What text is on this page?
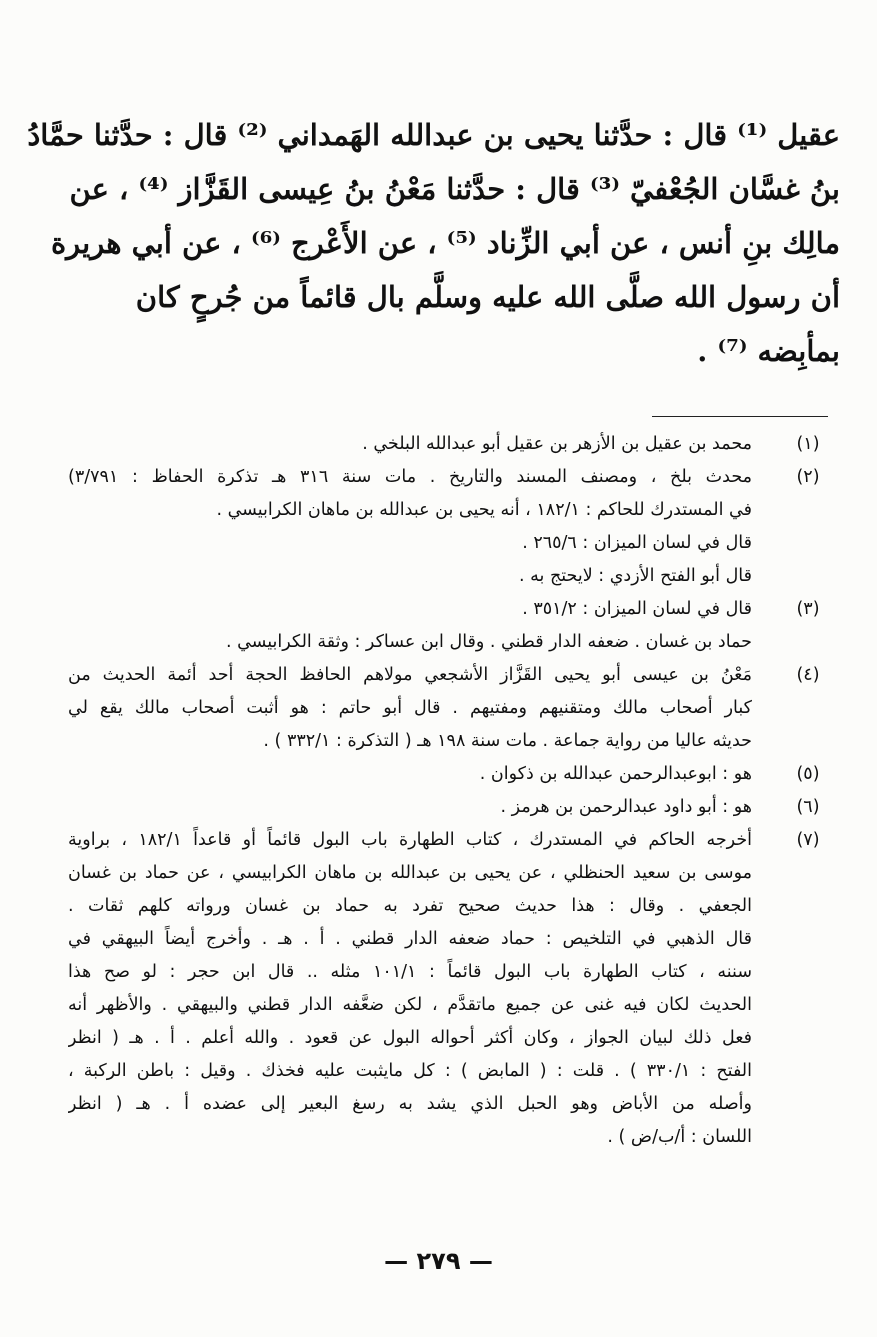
عقيل ⁽¹⁾ قال : حدَّثنا يحيى بن عبدالله الهَمداني ⁽²⁾ قال : حدَّثنا حمَّادُ
بنُ غسَّان الجُعْفيّ ⁽³⁾ قال : حدَّثنا مَعْنُ بنُ عِيسى القَزَّاز ⁽⁴⁾ ، عن
مالِك بنِ أنس ، عن أبي الزِّناد ⁽⁵⁾ ، عن الأَعْرج ⁽⁶⁾ ، عن أبي هريرة
أن رسول الله صلَّى الله عليه وسلَّم بال قائماً من جُرحٍ كان
بمأبِضه ⁽⁷⁾ .
(١)
محمد بن عقيل بن الأزهر بن عقيل أبو عبدالله البلخي .
(٢)
محدث بلخ ، ومصنف المسند والتاريخ . مات سنة ٣١٦ هـ تذكرة الحفاظ : ٣/٧٩١)
في المستدرك للحاكم : ١٨٢/١ ، أنه يحيى بن عبدالله بن ماهان الكرابيسي .
قال في لسان الميزان : ٢٦٥/٦ .
قال أبو الفتح الأزدي : لايحتج به .
(٣)
قال في لسان الميزان : ٣٥١/٢ .
حماد بن غسان . ضعفه الدار قطني . وقال ابن عساكر : وثقة الكرابيسي .
(٤)
مَعْنُ بن عيسى أبو يحيى القَزَّاز الأشجعي مولاهم الحافظ الحجة أحد أئمة الحديث من
كبار أصحاب مالك ومتقنيهم ومفتيهم . قال أبو حاتم : هو أثبت أصحاب مالك يقع لي
حديثه عاليا من رواية جماعة . مات سنة ١٩٨ هـ ( التذكرة : ٣٣٢/١ ) .
(٥)
هو : ابوعبدالرحمن عبدالله بن ذكوان .
(٦)
هو : أبو داود عبدالرحمن بن هرمز .
(٧)
أخرجه الحاكم في المستدرك ، كتاب الطهارة باب البول قائماً أو قاعداً ١٨٢/١ ، براوية
موسى بن سعيد الحنظلي ، عن يحيى بن عبدالله بن ماهان الكرابيسي ، عن حماد بن غسان
الجعفي . وقال : هذا حديث صحيح تفرد به حماد بن غسان ورواته كلهم ثقات .
قال الذهبي في التلخيص : حماد ضعفه الدار قطني . أ . هـ . وأخرج أيضاً البيهقي في
سننه ، كتاب الطهارة باب البول قائماً : ١٠١/١ مثله .. قال ابن حجر : لو صح هذا
الحديث لكان فيه غنى عن جميع ماتقدَّم ، لكن ضعَّفه الدار قطني والبيهقي . والأظهر أنه
فعل ذلك لبيان الجواز ، وكان أكثر أحواله البول عن قعود . والله أعلم . أ . هـ ( انظر
الفتح : ٣٣٠/١ ) . قلت : ( المابض ) : كل مايثبت عليه فخذك . وقيل : باطن الركبة ،
وأصله من الأباض وهو الحبل الذي يشد به رسغ البعير إلى عضده أ . هـ ( انظر
اللسان : أ/ب/ض ) .
— ٢٧٩ —
